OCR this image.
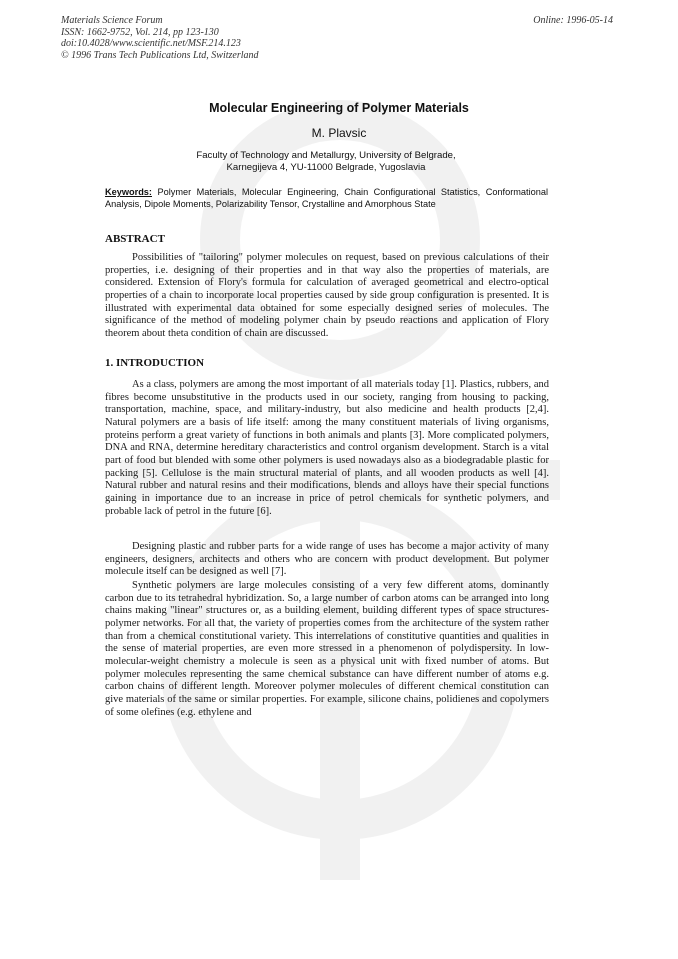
Materials Science Forum
ISSN: 1662-9752, Vol. 214, pp 123-130
doi:10.4028/www.scientific.net/MSF.214.123
© 1996 Trans Tech Publications Ltd, Switzerland
Online: 1996-05-14
Molecular Engineering of Polymer Materials
M. Plavsic
Faculty of Technology and Metallurgy, University of Belgrade,
Karnegijeva 4, YU-11000 Belgrade, Yugoslavia
Keywords: Polymer Materials, Molecular Engineering, Chain Configurational Statistics, Conformational Analysis, Dipole Moments, Polarizability Tensor, Crystalline and Amorphous State
ABSTRACT
Possibilities of "tailoring" polymer molecules on request, based on previous calculations of their properties, i.e. designing of their properties and in that way also the properties of materials, are considered. Extension of Flory's formula for calculation of averaged geometrical and electro-optical properties of a chain to incorporate local properties caused by side group configuration is presented. It is illustrated with experimental data obtained for some especially designed series of molecules. The significance of the method of modeling polymer chain by pseudo reactions and application of Flory theorem about theta condition of chain are discussed.
1. INTRODUCTION
As a class, polymers are among the most important of all materials today [1]. Plastics, rubbers, and fibres become unsubstitutive in the products used in our society, ranging from housing to packing, transportation, machine, space, and military-industry, but also medicine and health products [2,4]. Natural polymers are a basis of life itself: among the many constituent materials of living organisms, proteins perform a great variety of functions in both animals and plants [3]. More complicated polymers, DNA and RNA, determine hereditary characteristics and control organism development. Starch is a vital part of food but blended with some other polymers is used nowadays also as a biodegradable plastic for packing [5]. Cellulose is the main structural material of plants, and all wooden products as well [4]. Natural rubber and natural resins and their modifications, blends and alloys have their special functions gaining in importance due to an increase in price of petrol chemicals for synthetic polymers, and probable lack of petrol in the future [6].
Designing plastic and rubber parts for a wide range of uses has become a major activity of many engineers, designers, architects and others who are concern with product development. But polymer molecule itself can be designed as well [7].
Synthetic polymers are large molecules consisting of a very few different atoms, dominantly carbon due to its tetrahedral hybridization. So, a large number of carbon atoms can be arranged into long chains making "linear" structures or, as a building element, building different types of space structures-polymer networks. For all that, the variety of properties comes from the architecture of the system rather than from a chemical constitutional variety. This interrelations of constitutive quantities and qualities in the sense of material properties, are even more stressed in a phenomenon of polydispersity. In low-molecular-weight chemistry a molecule is seen as a physical unit with fixed number of atoms. But polymer molecules representing the same chemical substance can have different number of atoms e.g. carbon chains of different length. Moreover polymer molecules of different chemical constitution can give materials of the same or similar properties. For example, silicone chains, polidienes and copolymers of some olefines (e.g. ethylene and
